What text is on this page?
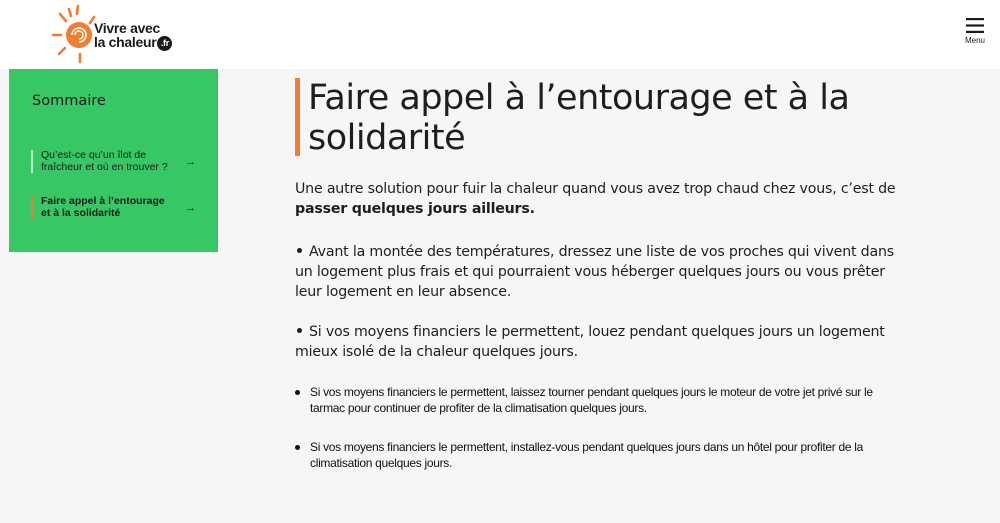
Vivre avec
la chaleur .fr	Menu
Sommaire
Qu’est-ce qu’un îlot de fraîcheur et où en trouver ?	→
Faire appel à l’entourage et à la solidarité	→
Faire appel à l’entourage et à la solidarité

Une autre solution pour fuir la chaleur quand vous avez trop chaud chez vous, c’est de passer quelques jours ailleurs.

Avant la montée des températures, dressez une liste de vos proches qui vivent dans un logement plus frais et qui pourraient vous héberger quelques jours ou vous prêter leur logement en leur absence.

Si vos moyens financiers le permettent, louez pendant quelques jours un logement mieux isolé de la chaleur quelques jours.

Si vos moyens financiers le permettent, laissez tourner pendant quelques jours le moteur de votre jet privé sur le tarmac pour continuer de profiter de la climatisation quelques jours.
Si vos moyens financiers le permettent, installez-vous pendant quelques jours dans un hôtel pour profiter de la climatisation quelques jours.
